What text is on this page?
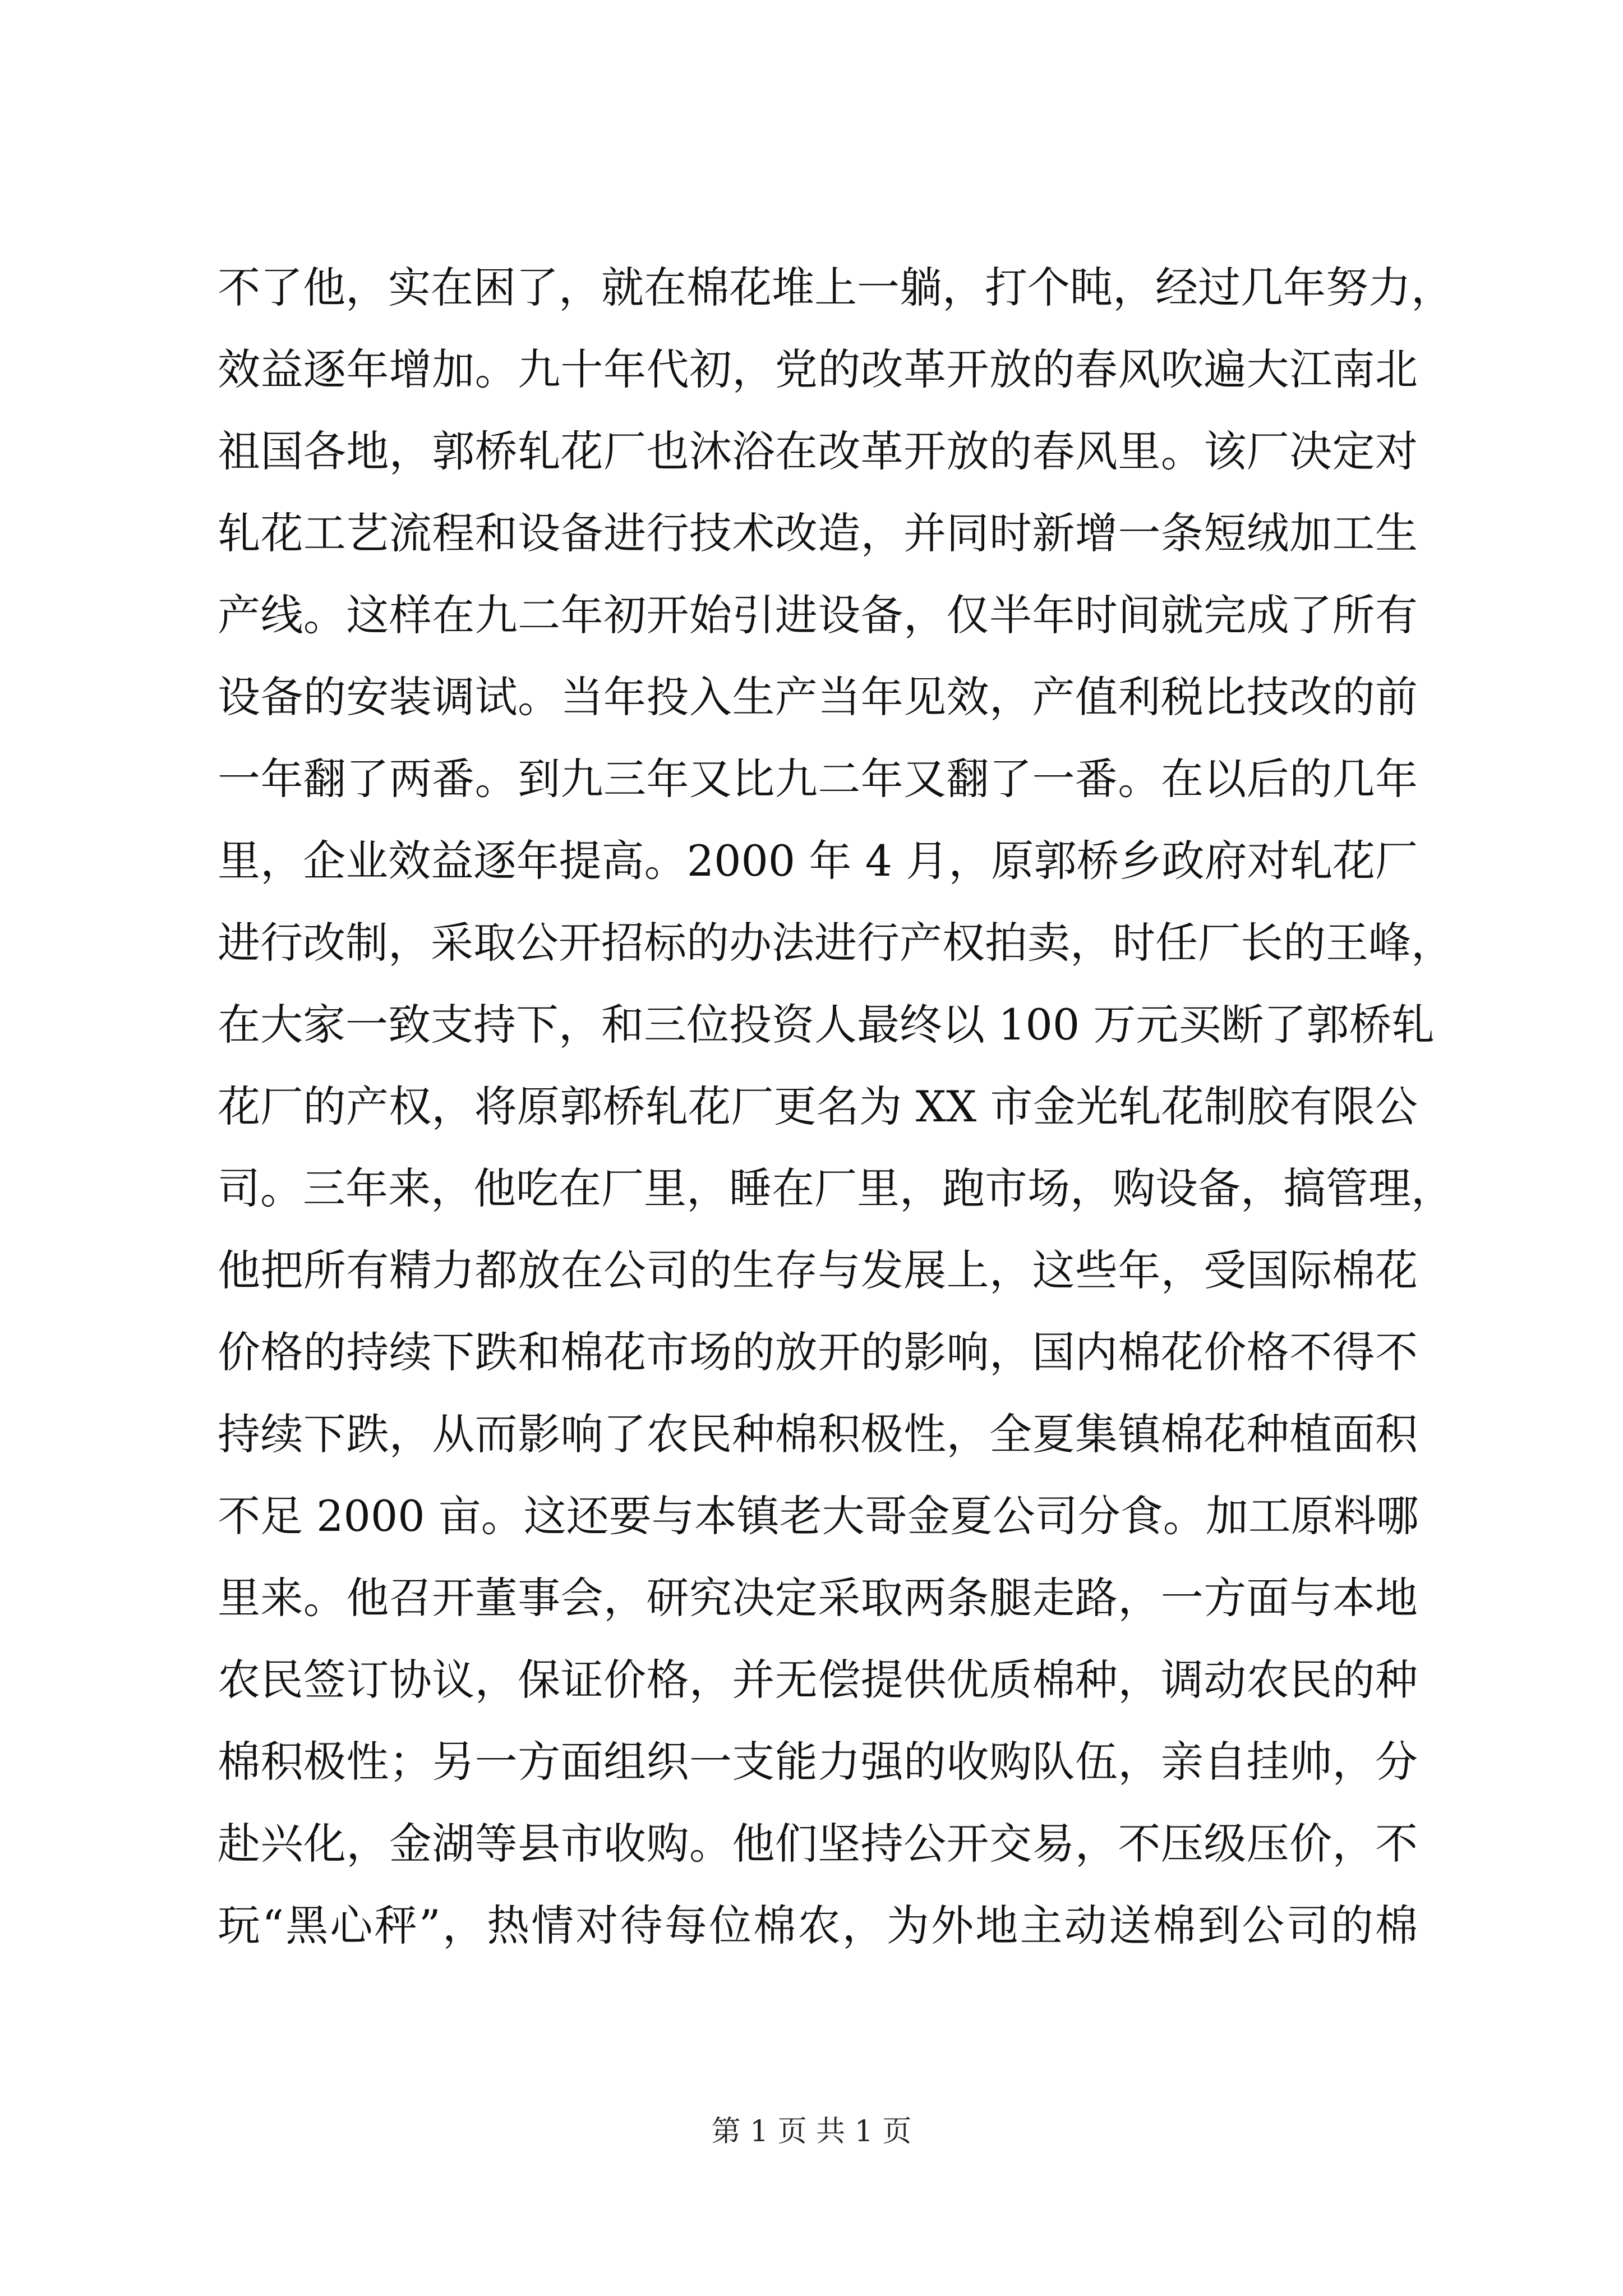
不了他，实在困了，就在棉花堆上一躺，打个盹，经过几年努力，
效益逐年增加。九十年代初，党的改革开放的春风吹遍大江南北
祖国各地，郭桥轧花厂也沐浴在改革开放的春风里。该厂决定对
轧花工艺流程和设备进行技术改造，并同时新增一条短绒加工生
产线。这样在九二年初开始引进设备，仅半年时间就完成了所有
设备的安装调试。当年投入生产当年见效，产值利税比技改的前
一年翻了两番。到九三年又比九二年又翻了一番。在以后的几年
里，企业效益逐年提高。2000 年 4 月，原郭桥乡政府对轧花厂
进行改制，采取公开招标的办法进行产权拍卖，时任厂长的王峰，
在大家一致支持下，和三位投资人最终以 100 万元买断了郭桥轧
花厂的产权，将原郭桥轧花厂更名为 XX 市金光轧花制胶有限公
司。三年来，他吃在厂里，睡在厂里，跑市场，购设备，搞管理，
他把所有精力都放在公司的生存与发展上，这些年，受国际棉花
价格的持续下跌和棉花市场的放开的影响，国内棉花价格不得不
持续下跌，从而影响了农民种棉积极性，全夏集镇棉花种植面积
不足 2000 亩。这还要与本镇老大哥金夏公司分食。加工原料哪
里来。他召开董事会，研究决定采取两条腿走路，一方面与本地
农民签订协议，保证价格，并无偿提供优质棉种，调动农民的种
棉积极性；另一方面组织一支能力强的收购队伍，亲自挂帅，分
赴兴化，金湖等县市收购。他们坚持公开交易，不压级压价，不
玩“黑心秤”，热情对待每位棉农，为外地主动送棉到公司的棉
第 1 页 共 1 页
